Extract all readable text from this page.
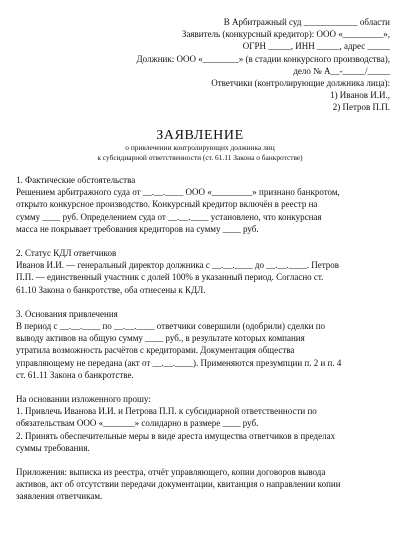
В Арбитражный суд ____________ области
Заявитель (конкурсный кредитор): ООО «_________»,
ОГРН _____, ИНН _____, адрес _____
Должник: ООО «________» (в стадии конкурсного производства),
дело № А__-_____/_____
Ответчики (контролирующие должника лица):
1) Иванов И.И.,
2) Петров П.П.
ЗАЯВЛЕНИЕ
о привлечении контролирующих должника лиц
к субсидиарной ответственности (ст. 61.11 Закона о банкротстве)

1. Фактические обстоятельства

Решением арбитражного суда от __.__.____ ООО «_________» признано банкротом,

открыто конкурсное производство. Конкурсный кредитор включён в реестр на

сумму ____ руб. Определением суда от __.__.____ установлено, что конкурсная

масса не покрывает требования кредиторов на сумму ____ руб.

2. Статус КДЛ ответчиков

Иванов И.И. — генеральный директор должника с __.__.____ до __.__.____. Петров

П.П. — единственный участник с долей 100% в указанный период. Согласно ст.

61.10 Закона о банкротстве, оба отнесены к КДЛ.

3. Основания привлечения

В период с __.__.____ по __.__.____ ответчики совершили (одобрили) сделки по

выводу активов на общую сумму ____ руб., в результате которых компания

утратила возможность расчётов с кредиторами. Документация общества

управляющему не передана (акт от __.__.____). Применяются презумпции п. 2 и п. 4

ст. 61.11 Закона о банкротстве.

На основании изложенного прошу:

1. Привлечь Иванова И.И. и Петрова П.П. к субсидиарной ответственности по

обязательствам ООО «_______» солидарно в размере ____ руб.

2. Принять обеспечительные меры в виде ареста имущества ответчиков в пределах

суммы требования.

Приложения: выписка из реестра, отчёт управляющего, копии договоров вывода

активов, акт об отсутствии передачи документации, квитанция о направлении копии

заявления ответчикам.
